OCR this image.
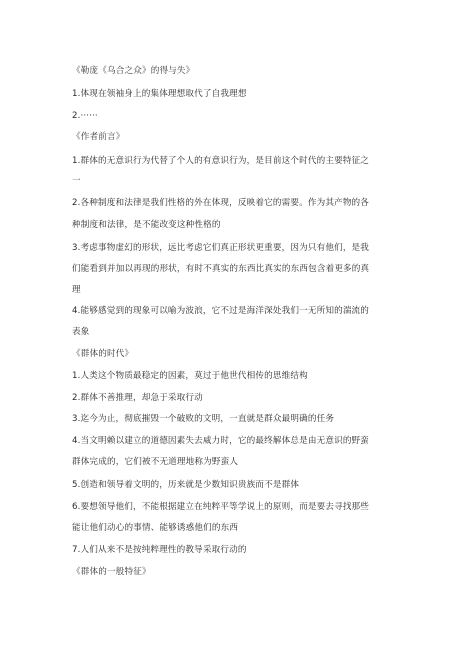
《勒庞《乌合之众》的得与失》
1.体现在领袖身上的集体理想取代了自我理想
2.······
《作者前言》
1.群体的无意识行为代替了个人的有意识行为，是目前这个时代的主要特征之
一
2.各种制度和法律是我们性格的外在体现，反映着它的需要。作为其产物的各
种制度和法律，是不能改变这种性格的
3.考虑事物虚幻的形状，远比考虑它们真正形状更重要，因为只有他们，是我
们能看到并加以再现的形状，有时不真实的东西比真实的东西包含着更多的真
理
4.能够感觉到的现象可以喻为波浪，它不过是海洋深处我们一无所知的湍流的
表象
《群体的时代》
1.人类这个物质最稳定的因素，莫过于他世代相传的思维结构
2.群体不善推理，却急于采取行动
3.迄今为止，彻底摧毁一个破败的文明，一直就是群众最明确的任务
4.当文明赖以建立的道德因素失去威力时，它的最终解体总是由无意识的野蛮
群体完成的，它们被不无道理地称为野蛮人
5.创造和领导着文明的，历来就是少数知识贵族而不是群体
6.要想领导他们，不能根据建立在纯粹平等学说上的原则，而是要去寻找那些
能让他们动心的事情、能够诱惑他们的东西
7.人们从来不是按纯粹理性的教导采取行动的
《群体的一般特征》
